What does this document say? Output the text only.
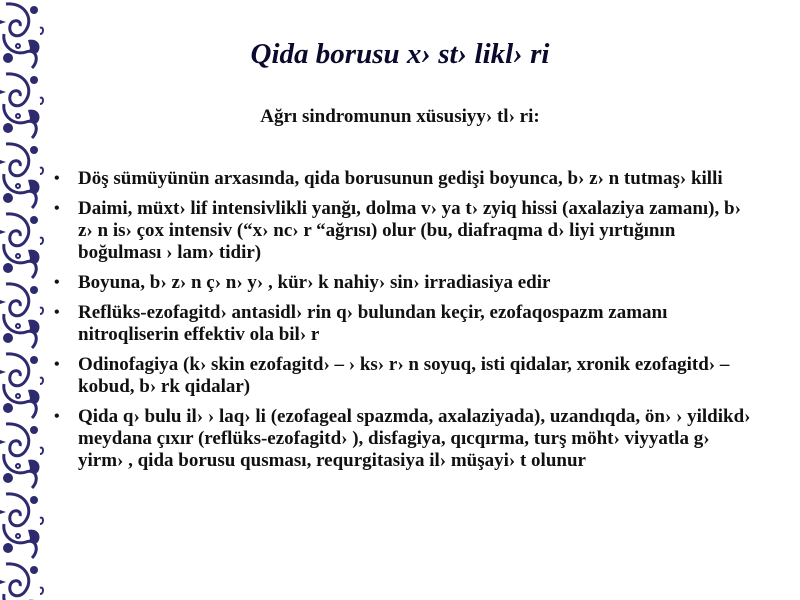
Qida borusu x› st› likl› ri
Ağrı sindromunun xüsusiyy› tl› ri:
• Döş sümüyünün arxasında, qida borusunun gedişi boyunca, b› z› n tutmaş› killi
• Daimi, müxt› lif intensivlikli yanğı, dolma v› ya t› zyiq hissi (axalaziya zamanı), b› z› n is› çox intensiv (“x› nc› r “ağrısı) olur (bu, diafraqma d› liyi yırtığının boğulması › lam› tidir)
• Boyuna, b› z› n ç› n› y› , kür› k nahiy› sin› irradiasiya edir
• Reflüks-ezofagitd› antasidl› rin q› bulundan keçir, ezofaqospazm zamanı nitroqliserin effektiv ola bil› r
• Odinofagiya (k› skin ezofagitd› – › ks› r› n soyuq, isti qidalar, xronik ezofagitd› – kobud, b› rk qidalar)
• Qida q› bulu il› › laq› li (ezofageal spazmda, axalaziyada), uzandıqda, ön› › yildikd› meydana çıxır (reflüks-ezofagitd› ), disfagiya, qıcqırma, turş möht› viyyatla g› yirm› , qida borusu qusması, requrgitasiya il› müşayi› t olunur
